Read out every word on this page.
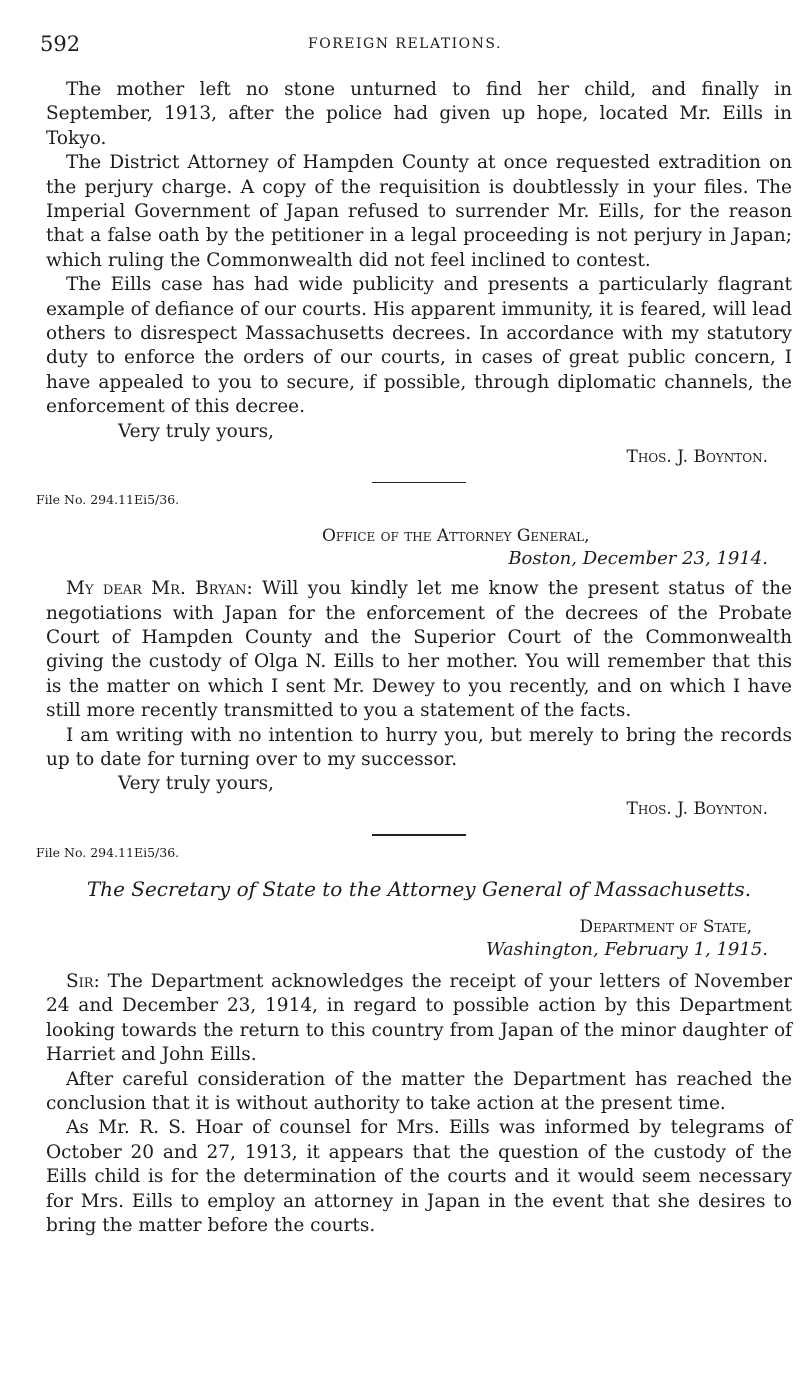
592	FOREIGN RELATIONS.

The mother left no stone unturned to find her child, and finally in September, 1913, after the police had given up hope, located Mr. Eills in Tokyo.

The District Attorney of Hampden County at once requested extradition on the perjury charge. A copy of the requisition is doubtlessly in your files. The Imperial Government of Japan refused to surrender Mr. Eills, for the reason that a false oath by the petitioner in a legal proceeding is not perjury in Japan; which ruling the Commonwealth did not feel inclined to contest.

The Eills case has had wide publicity and presents a particularly flagrant example of defiance of our courts. His apparent immunity, it is feared, will lead others to disrespect Massachusetts decrees. In accordance with my statutory duty to enforce the orders of our courts, in cases of great public concern, I have appealed to you to secure, if possible, through diplomatic channels, the enforcement of this decree.

Very truly yours,
Thos. J. Boynton.
File No. 294.11Ei5/36.
Office of the Attorney General,
Boston, December 23, 1914.

My dear Mr. Bryan: Will you kindly let me know the present status of the negotiations with Japan for the enforcement of the decrees of the Probate Court of Hampden County and the Superior Court of the Commonwealth giving the custody of Olga N. Eills to her mother. You will remember that this is the matter on which I sent Mr. Dewey to you recently, and on which I have still more recently transmitted to you a statement of the facts.

I am writing with no intention to hurry you, but merely to bring the records up to date for turning over to my successor.

Very truly yours,
Thos. J. Boynton.
File No. 294.11Ei5/36.
The Secretary of State to the Attorney General of Massachusetts.
Department of State,
Washington, February 1, 1915.

Sir: The Department acknowledges the receipt of your letters of November 24 and December 23, 1914, in regard to possible action by this Department looking towards the return to this country from Japan of the minor daughter of Harriet and John Eills.

After careful consideration of the matter the Department has reached the conclusion that it is without authority to take action at the present time.

As Mr. R. S. Hoar of counsel for Mrs. Eills was informed by telegrams of October 20 and 27, 1913, it appears that the question of the custody of the Eills child is for the determination of the courts and it would seem necessary for Mrs. Eills to employ an attorney in Japan in the event that she desires to bring the matter before the courts.
